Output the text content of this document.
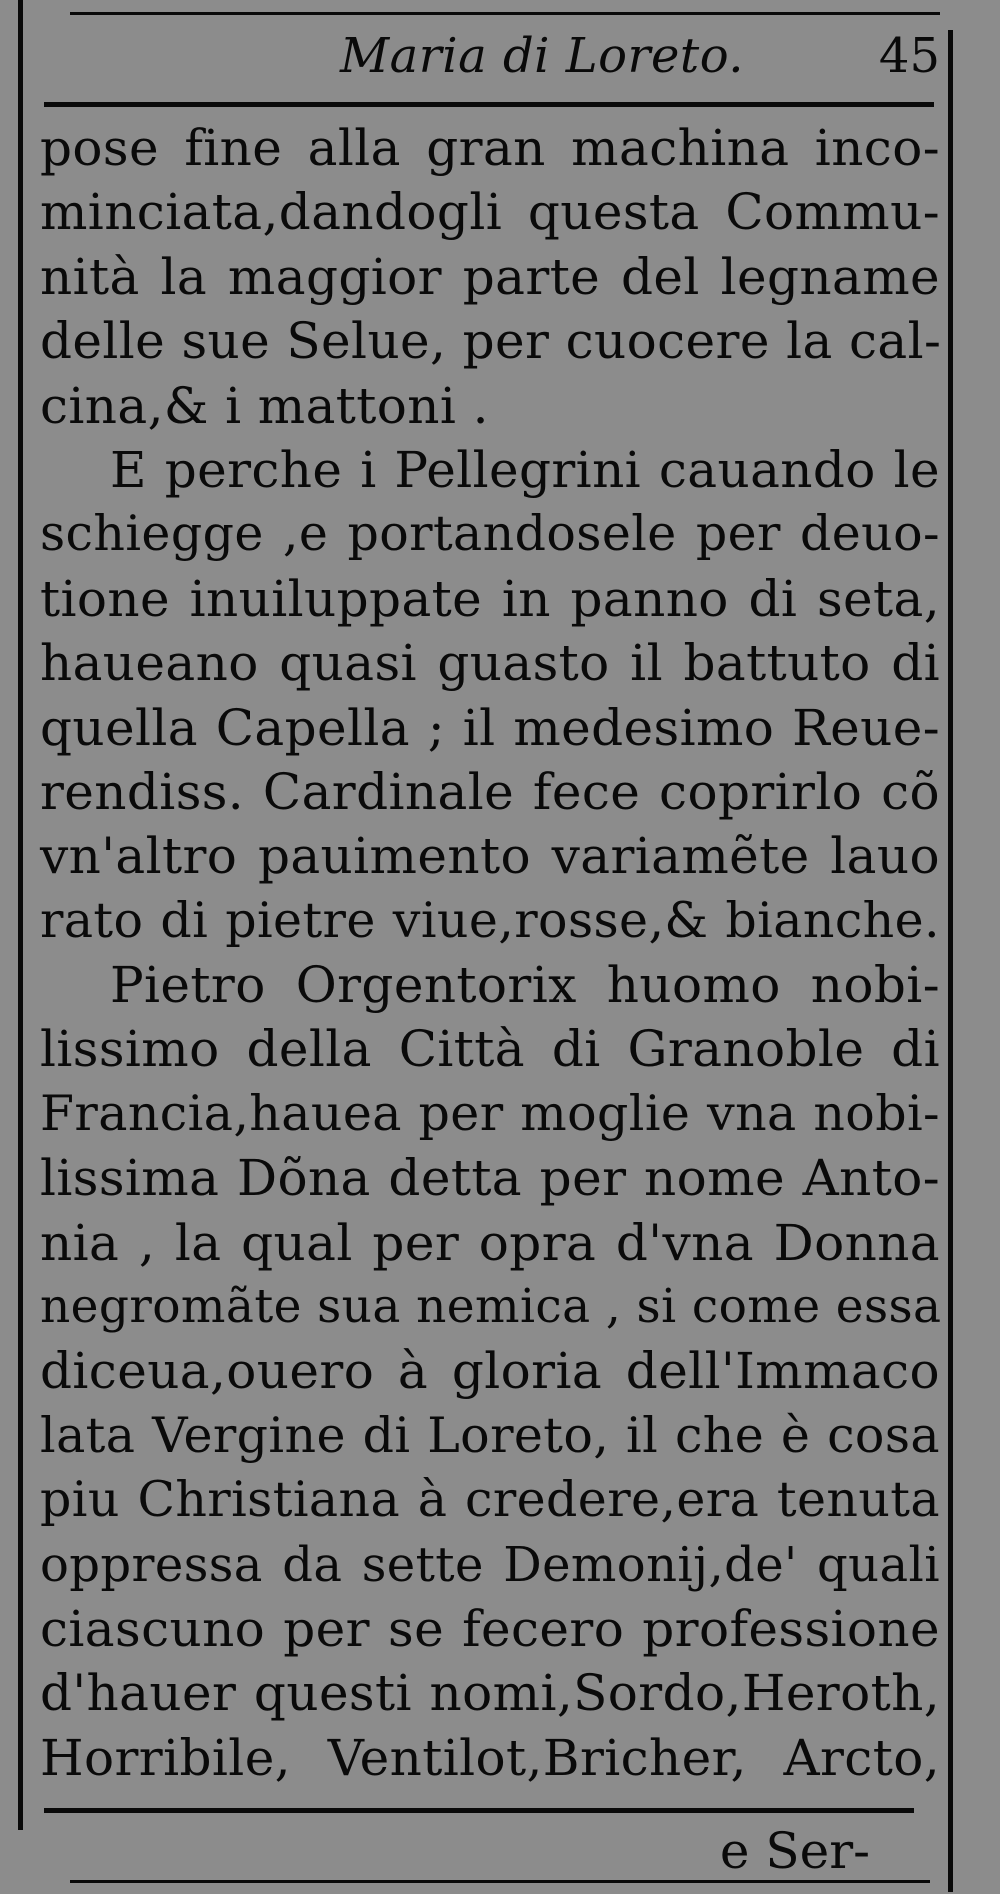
Maria di Loreto.	45
pose fine alla gran machina inco-
minciata,dandogli questa Commu-
nità la maggior parte del legname
delle sue Selue, per cuocere la cal-
cina,& i mattoni .
E perche i Pellegrini cauando le
schiegge ,e portandosele per deuo-
tione inuiluppate in panno di seta,
haueano quasi guasto il battuto di
quella Capella ; il medesimo Reue-
rendiss. Cardinale fece coprirlo cõ
vn'altro pauimento variamẽte lauo
rato di pietre viue,rosse,& bianche.
Pietro Orgentorix huomo nobi-
lissimo della Città di Granoble di
Francia,hauea per moglie vna nobi-
lissima Dõna detta per nome Anto-
nia , la qual per opra d'vna Donna
negromãte sua nemica , si come essa
diceua,ouero à gloria dell'Immaco
lata Vergine di Loreto, il che è cosa
piu Christiana à credere,era tenuta
oppressa da sette Demonij,de' quali
ciascuno per se fecero professione
d'hauer questi nomi,Sordo,Heroth,
Horribile, Ventilot,Bricher, Arcto,
e Ser-
